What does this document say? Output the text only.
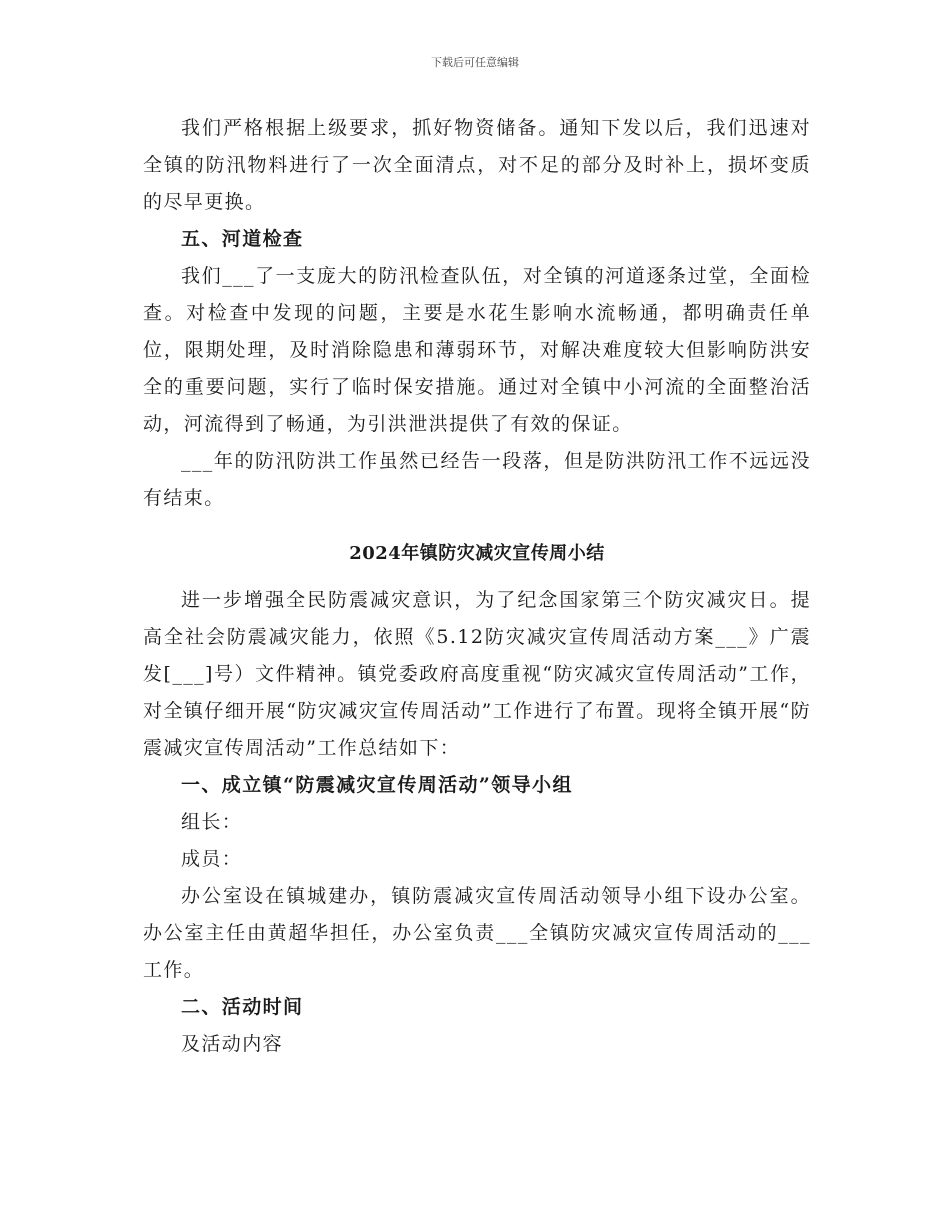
下载后可任意编辑

我们严格根据上级要求，抓好物资储备。通知下发以后，我们迅速对全镇的防汛物料进行了一次全面清点，对不足的部分及时补上，损坏变质的尽早更换。

五、河道检查

我们___了一支庞大的防汛检查队伍，对全镇的河道逐条过堂，全面检查。对检查中发现的问题，主要是水花生影响水流畅通，都明确责任单位，限期处理，及时消除隐患和薄弱环节，对解决难度较大但影响防洪安全的重要问题，实行了临时保安措施。通过对全镇中小河流的全面整治活动，河流得到了畅通，为引洪泄洪提供了有效的保证。

___年的防汛防洪工作虽然已经告一段落，但是防洪防汛工作不远远没有结束。

2024年镇防灾减灾宣传周小结

进一步增强全民防震减灾意识，为了纪念国家第三个防灾减灾日。提高全社会防震减灾能力，依照《5.12防灾减灾宣传周活动方案___》广震发[___]号）文件精神。镇党委政府高度重视“防灾减灾宣传周活动”工作，对全镇仔细开展“防灾减灾宣传周活动”工作进行了布置。现将全镇开展“防震减灾宣传周活动”工作总结如下：

一、成立镇“防震减灾宣传周活动”领导小组

组长：

成员：

办公室设在镇城建办，镇防震减灾宣传周活动领导小组下设办公室。办公室主任由黄超华担任，办公室负责___全镇防灾减灾宣传周活动的___工作。

二、活动时间

及活动内容
